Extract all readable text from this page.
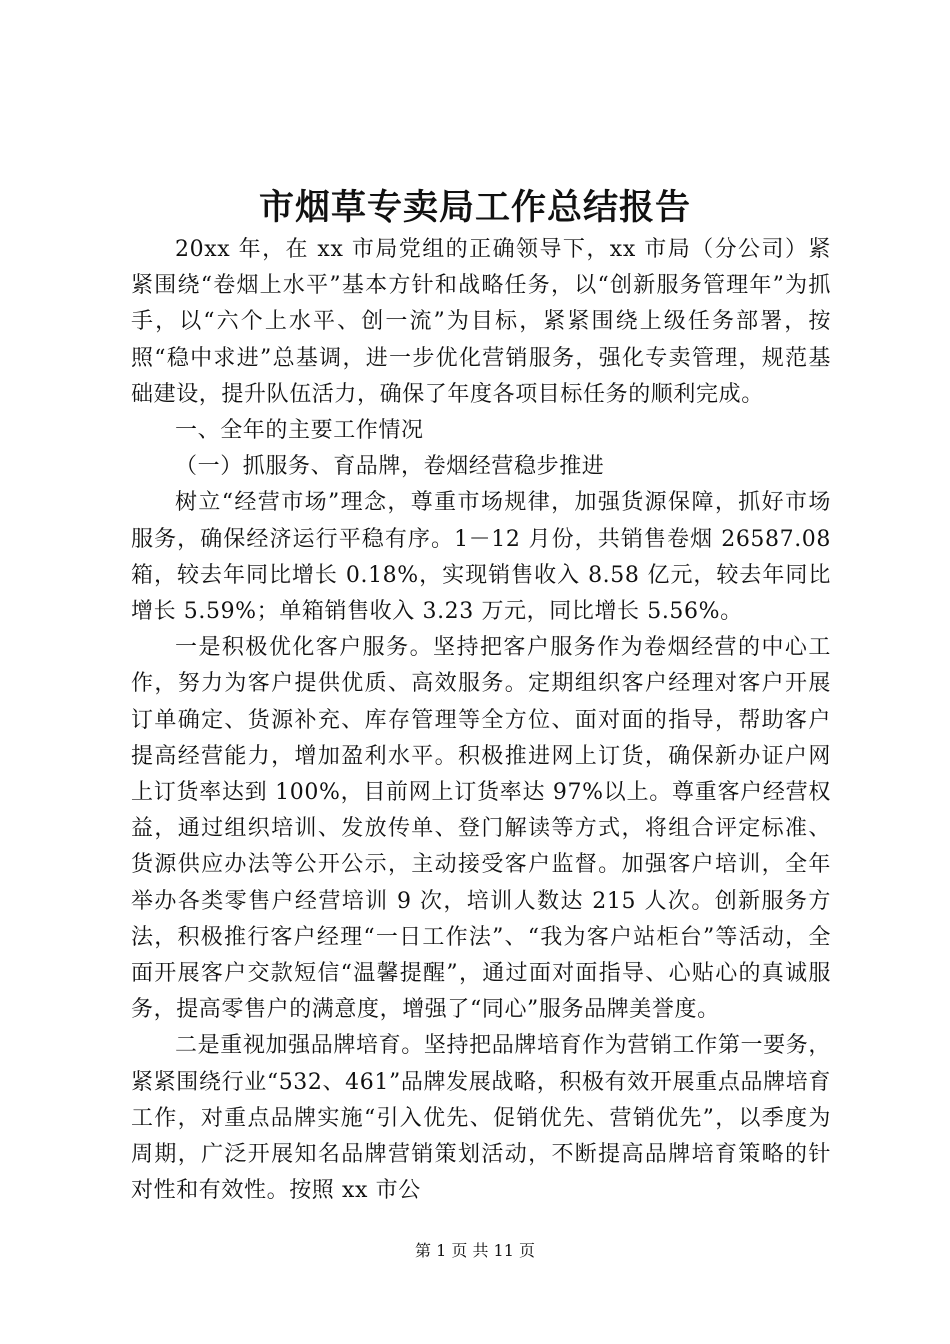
市烟草专卖局工作总结报告

20xx 年，在 xx 市局党组的正确领导下，xx 市局（分公司）紧紧围绕“卷烟上水平”基本方针和战略任务，以“创新服务管理年”为抓手，以“六个上水平、创一流”为目标，紧紧围绕上级任务部署，按照“稳中求进”总基调，进一步优化营销服务，强化专卖管理，规范基础建设，提升队伍活力，确保了年度各项目标任务的顺利完成。

一、全年的主要工作情况

（一）抓服务、育品牌，卷烟经营稳步推进

树立“经营市场”理念，尊重市场规律，加强货源保障，抓好市场服务，确保经济运行平稳有序。1－12 月份，共销售卷烟 26587.08 箱，较去年同比增长 0.18%，实现销售收入 8.58 亿元，较去年同比增长 5.59%；单箱销售收入 3.23 万元，同比增长 5.56%。

一是积极优化客户服务。坚持把客户服务作为卷烟经营的中心工作，努力为客户提供优质、高效服务。定期组织客户经理对客户开展订单确定、货源补充、库存管理等全方位、面对面的指导，帮助客户提高经营能力，增加盈利水平。积极推进网上订货，确保新办证户网上订货率达到 100%，目前网上订货率达 97%以上。尊重客户经营权益，通过组织培训、发放传单、登门解读等方式，将组合评定标准、货源供应办法等公开公示，主动接受客户监督。加强客户培训，全年举办各类零售户经营培训 9 次，培训人数达 215 人次。创新服务方法，积极推行客户经理“一日工作法”、“我为客户站柜台”等活动，全面开展客户交款短信“温馨提醒”，通过面对面指导、心贴心的真诚服务，提高零售户的满意度，增强了“同心”服务品牌美誉度。

二是重视加强品牌培育。坚持把品牌培育作为营销工作第一要务，紧紧围绕行业“532、461”品牌发展战略，积极有效开展重点品牌培育工作，对重点品牌实施“引入优先、促销优先、营销优先”，以季度为周期，广泛开展知名品牌营销策划活动，不断提高品牌培育策略的针对性和有效性。按照 xx 市公

第 1 页 共 11 页
